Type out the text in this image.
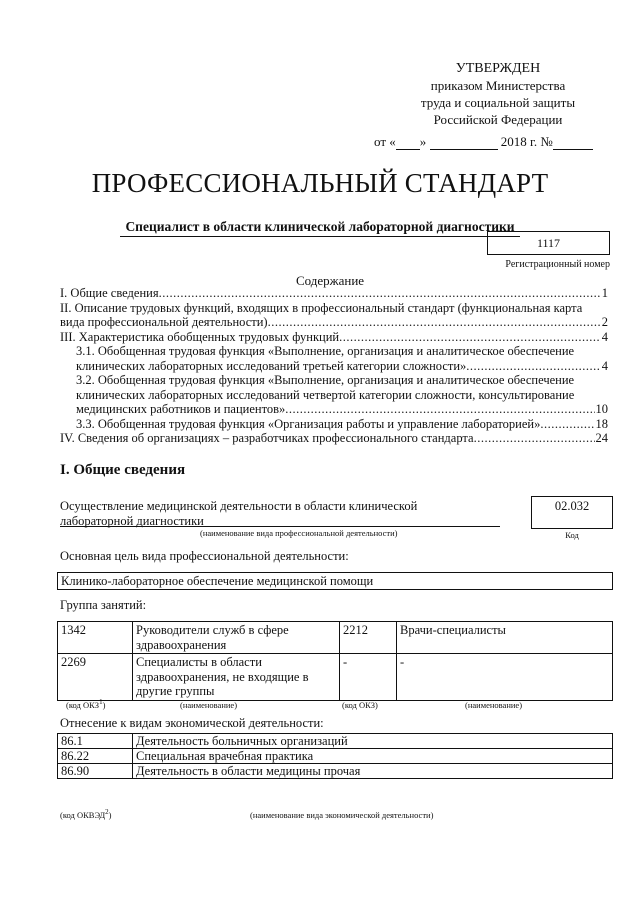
УТВЕРЖДЕН
приказом Министерства
труда и социальной защиты
Российской Федерации
от « »	2018 г. №
ПРОФЕССИОНАЛЬНЫЙ СТАНДАРТ
Специалист в области клинической лабораторной диагностики
1117
Регистрационный номер
Содержание
I. Общие сведения .....	1
II. Описание трудовых функций, входящих в профессиональный стандарт (функциональная карта
вида профессиональной деятельности) .....	2
III. Характеристика обобщенных трудовых функций .....	4
3.1. Обобщенная трудовая функция «Выполнение, организация и аналитическое обеспечение
клинических лабораторных исследований третьей категории сложности» .....	4
3.2. Обобщенная трудовая функция «Выполнение, организация и аналитическое обеспечение
клинических лабораторных исследований четвертой категории сложности, консультирование
медицинских работников и пациентов» .....	10
3.3. Обобщенная трудовая функция «Организация работы и управление лабораторией» .....	18
IV. Сведения об организациях – разработчиках профессионального стандарта .....	24
I. Общие сведения
Осуществление медицинской деятельности в области клинической лабораторной диагностики
(наименование вида профессиональной деятельности)
02.032
Код
Основная цель вида профессиональной деятельности:
Клинико-лабораторное обеспечение медицинской помощи
Группа занятий:
1342	Руководители служб в сфере здравоохранения	2212	Врачи-специалисты
2269	Специалисты в области здравоохранения, не входящие в другие группы	-	-
(код ОКЗ$^1$)	(наименование)	(код ОКЗ)	(наименование)
Отнесение к видам экономической деятельности:
86.1	Деятельность больничных организаций
86.22	Специальная врачебная практика
86.90	Деятельность в области медицины прочая
(код ОКВЭД$^2$)	(наименование вида экономической деятельности)
